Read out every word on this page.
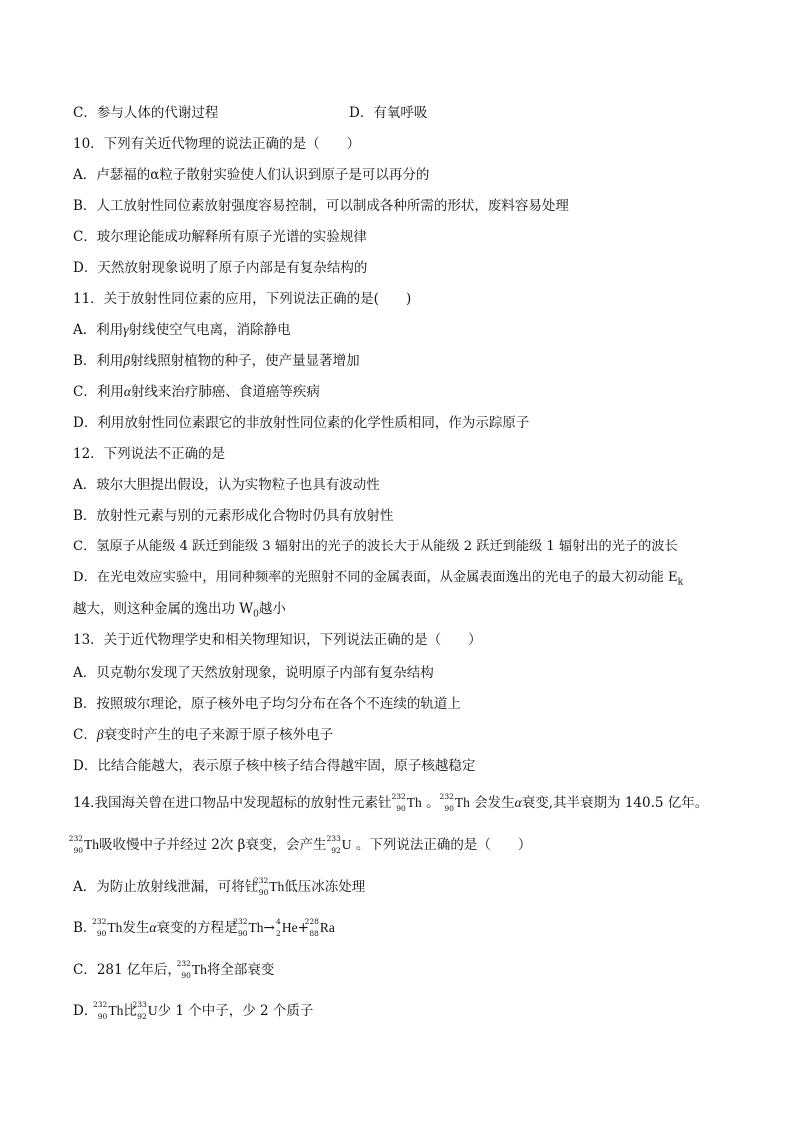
C．参与人体的代谢过程	D．有氧呼吸
10．下列有关近代物理的说法正确的是（　　）
A．卢瑟福的α粒子散射实验使人们认识到原子是可以再分的
B．人工放射性同位素放射强度容易控制，可以制成各种所需的形状，废料容易处理
C．玻尔理论能成功解释所有原子光谱的实验规律
D．天然放射现象说明了原子内部是有复杂结构的
11．关于放射性同位素的应用，下列说法正确的是(　　)
A．利用γ射线使空气电离，消除静电
B．利用β射线照射植物的种子，使产量显著增加
C．利用α射线来治疗肺癌、食道癌等疾病
D．利用放射性同位素跟它的非放射性同位素的化学性质相同，作为示踪原子
12．下列说法不正确的是
A．玻尔大胆提出假设，认为实物粒子也具有波动性
B．放射性元素与别的元素形成化合物时仍具有放射性
C．氢原子从能级 4 跃迁到能级 3 辐射出的光子的波长大于从能级 2 跃迁到能级 1 辐射出的光子的波长
D．在光电效应实验中，用同种频率的光照射不同的金属表面，从金属表面逸出的光电子的最大初动能 $E_k$
越大，则这种金属的逸出功 $W_0$越小
13．关于近代物理学史和相关物理知识，下列说法正确的是（　　）
A．贝克勒尔发现了天然放射现象，说明原子内部有复杂结构
B．按照玻尔理论，原子核外电子均匀分布在各个不连续的轨道上
C．β衰变时产生的电子来源于原子核外电子
D．比结合能越大，表示原子核中核子结合得越牢固，原子核越稳定
14.我国海关曾在进口物品中发现超标的放射性元素钍 232
90 Th 。
232
90 Th 会发生α衰变,其半衰期为 140.5 亿年。
232
90 Th吸收慢中子并经过 2次 β衰变，会产生 233
92 U 。下列说法正确的是（　　）
A．为防止放射线泄漏，可将钍
232
90 Th低压冰冻处理
B．
232
90 Th发生α衰变的方程是
232
90 Th→ 4
2 He+
228
88 Ra
C．281 亿年后，
232
90 Th将全部衰变
D．
232
90 Th比
233
92 U少 1 个中子，少 2 个质子
